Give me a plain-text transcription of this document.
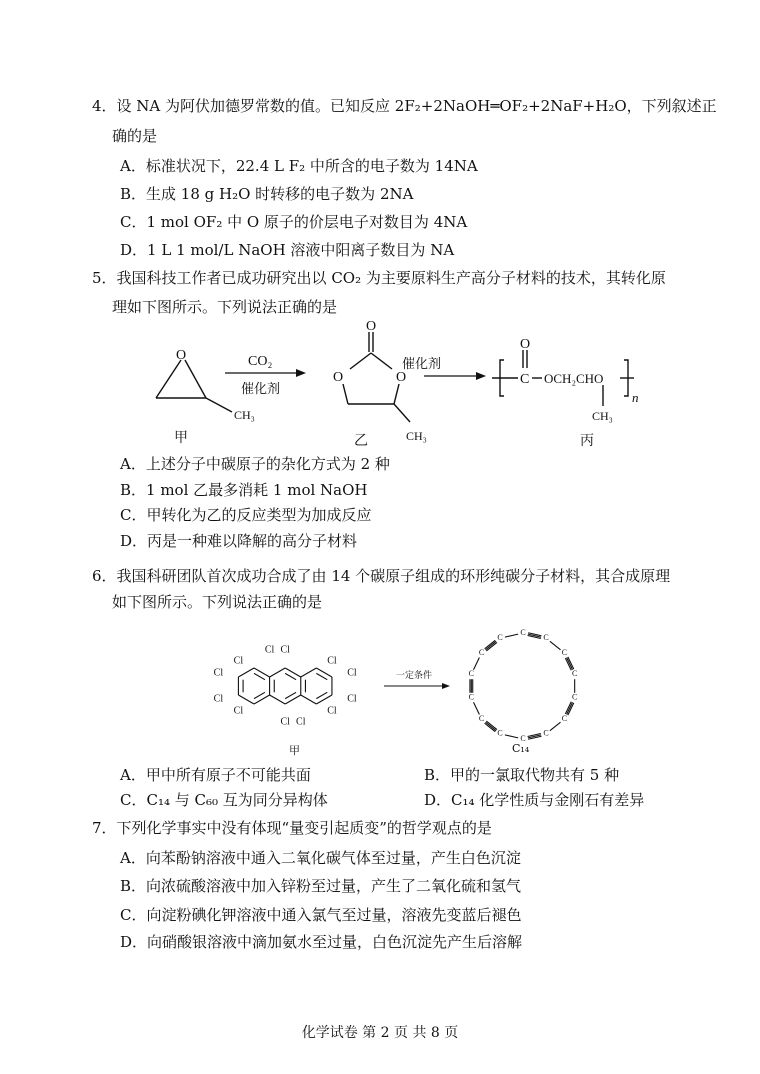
4．设 NA 为阿伏加德罗常数的值。已知反应 2F₂+2NaOH═OF₂+2NaF+H₂O，下列叙述正
确的是
A．标准状况下，22.4 L F₂ 中所含的电子数为 14NA
B．生成 18 g H₂O 时转移的电子数为 2NA
C．1 mol OF₂ 中 O 原子的价层电子对数目为 4NA
D．1 L 1 mol/L NaOH 溶液中阳离子数目为 NA
5．我国科技工作者已成功研究出以 CO₂ 为主要原料生产高分子材料的技术，其转化原
理如下图所示。下列说法正确的是
O
CH₃
CO₂
催化剂
O
O	O
CH₃
催化剂
O
C OCH₂CHO
CH₃
n
甲	乙	丙
A．上述分子中碳原子的杂化方式为 2 种
B．1 mol 乙最多消耗 1 mol NaOH
C．甲转化为乙的反应类型为加成反应
D．丙是一种难以降解的高分子材料
6．我国科研团队首次成功合成了由 14 个碳原子组成的环形纯碳分子材料，其合成原理
如下图所示。下列说法正确的是
Cl
Cl
Cl
Cl
Cl
Cl
Cl
Cl
Cl
Cl
Cl
Cl
一定条件
C
C
C
C
C
C
C
C
C
C
C
C
C
C
甲	C₁₄
A．甲中所有原子不可能共面	B．甲的一氯取代物共有 5 种
C．C₁₄ 与 C₆₀ 互为同分异构体	D．C₁₄ 化学性质与金刚石有差异
7．下列化学事实中没有体现“量变引起质变”的哲学观点的是
A．向苯酚钠溶液中通入二氧化碳气体至过量，产生白色沉淀
B．向浓硫酸溶液中加入锌粉至过量，产生了二氧化硫和氢气
C．向淀粉碘化钾溶液中通入氯气至过量，溶液先变蓝后褪色
D．向硝酸银溶液中滴加氨水至过量，白色沉淀先产生后溶解
化学试卷 第 2 页 共 8 页
